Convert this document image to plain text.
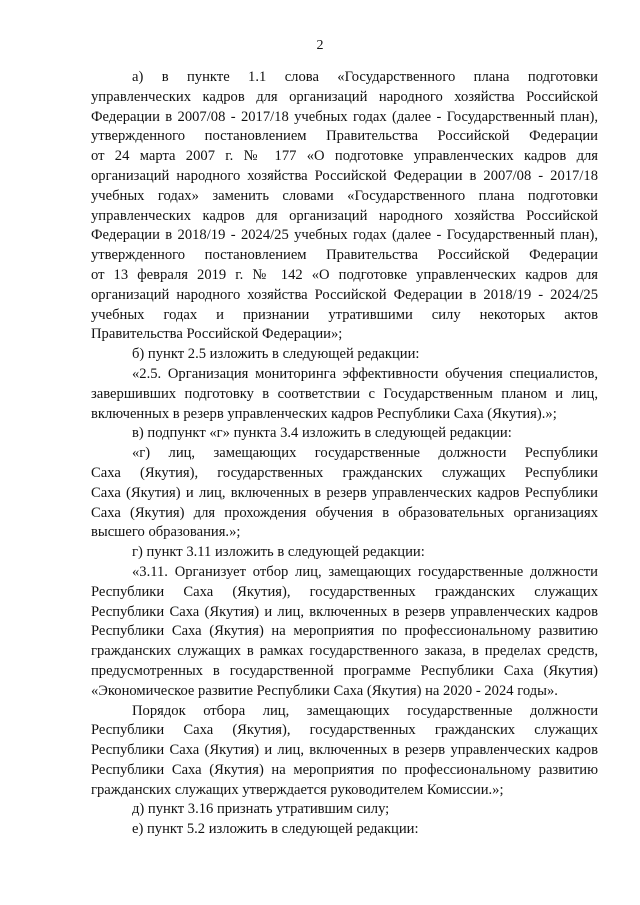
2
а) в пункте 1.1 слова «Государственного плана подготовки
управленческих кадров для организаций народного хозяйства Российской
Федерации в 2007/08 - 2017/18 учебных годах (далее - Государственный план),
утвержденного постановлением Правительства Российской Федерации
от 24 марта 2007 г. № 177 «О подготовке управленческих кадров для
организаций народного хозяйства Российской Федерации в 2007/08 - 2017/18
учебных годах» заменить словами «Государственного плана подготовки
управленческих кадров для организаций народного хозяйства Российской
Федерации в 2018/19 - 2024/25 учебных годах (далее - Государственный план),
утвержденного постановлением Правительства Российской Федерации
от 13 февраля 2019 г. № 142 «О подготовке управленческих кадров для
организаций народного хозяйства Российской Федерации в 2018/19 - 2024/25
учебных годах и признании утратившими силу некоторых актов
Правительства Российской Федерации»;
б) пункт 2.5 изложить в следующей редакции:
«2.5. Организация мониторинга эффективности обучения специалистов,
завершивших подготовку в соответствии с Государственным планом и лиц,
включенных в резерв управленческих кадров Республики Саха (Якутия).»;
в) подпункт «г» пункта 3.4 изложить в следующей редакции:
«г) лиц, замещающих государственные должности Республики
Саха (Якутия), государственных гражданских служащих Республики
Саха (Якутия) и лиц, включенных в резерв управленческих кадров Республики
Саха (Якутия) для прохождения обучения в образовательных организациях
высшего образования.»;
г) пункт 3.11 изложить в следующей редакции:
«3.11. Организует отбор лиц, замещающих государственные должности
Республики Саха (Якутия), государственных гражданских служащих
Республики Саха (Якутия) и лиц, включенных в резерв управленческих кадров
Республики Саха (Якутия) на мероприятия по профессиональному развитию
гражданских служащих в рамках государственного заказа, в пределах средств,
предусмотренных в государственной программе Республики Саха (Якутия)
«Экономическое развитие Республики Саха (Якутия) на 2020 - 2024 годы».
Порядок отбора лиц, замещающих государственные должности
Республики Саха (Якутия), государственных гражданских служащих
Республики Саха (Якутия) и лиц, включенных в резерв управленческих кадров
Республики Саха (Якутия) на мероприятия по профессиональному развитию
гражданских служащих утверждается руководителем Комиссии.»;
д) пункт 3.16 признать утратившим силу;
е) пункт 5.2 изложить в следующей редакции:
